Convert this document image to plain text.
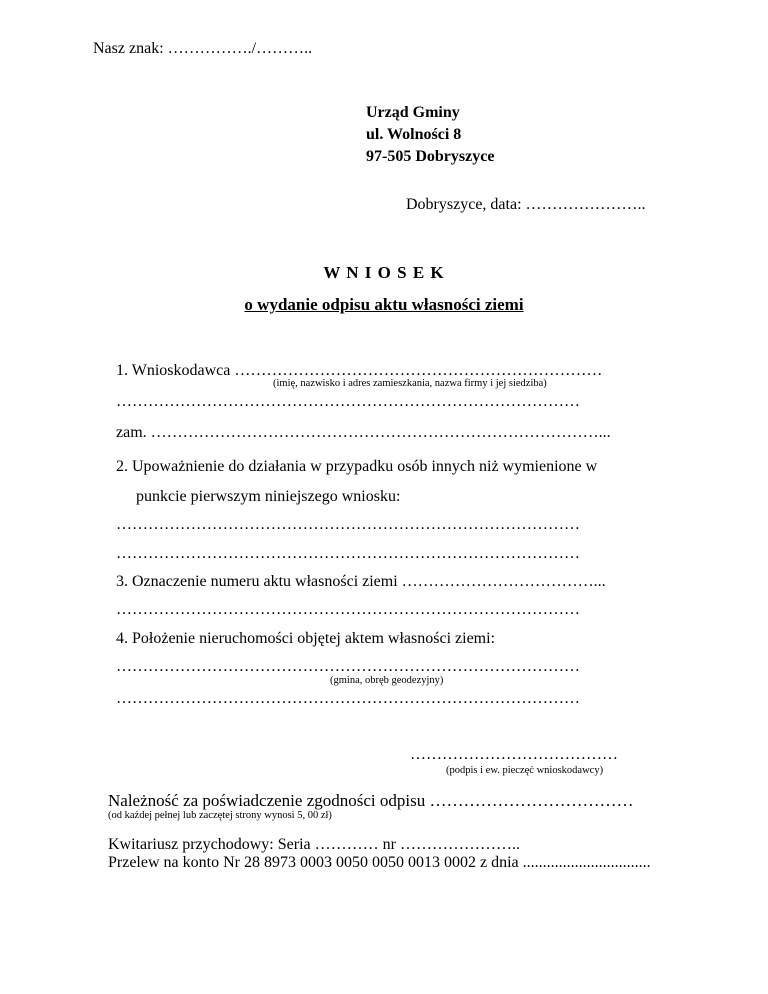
Nasz znak: ……………./………..
Urząd Gminy
ul. Wolności 8
97-505 Dobryszyce
Dobryszyce, data: …………………..
W N I O S E K
o wydanie odpisu aktu własności ziemi
1. Wnioskodawca ……………………………………………………………
(imię, nazwisko i adres zamieszkania, nazwa firmy i jej siedziba)
……………………………………………………………………………
zam. …………………………………………………………………………...
2. Upoważnienie do działania w przypadku osób innych niż wymienione w
punkcie pierwszym niniejszego wniosku:
……………………………………………………………………………
……………………………………………………………………………
3. Oznaczenie numeru aktu własności ziemi ………………………………...
……………………………………………………………………………
4. Położenie nieruchomości objętej aktem własności ziemi:
……………………………………………………………………………
(gmina, obręb geodezyjny)
……………………………………………………………………………
…………………………………
(podpis i ew. pieczęć wnioskodawcy)
Należność za poświadczenie zgodności odpisu ………………………………
(od każdej pełnej lub zaczętej strony wynosi 5, 00 zł)
Kwitariusz przychodowy: Seria ………… nr …………………..
Przelew na konto Nr 28 8973 0003 0050 0050 0013 0002 z dnia ................................
